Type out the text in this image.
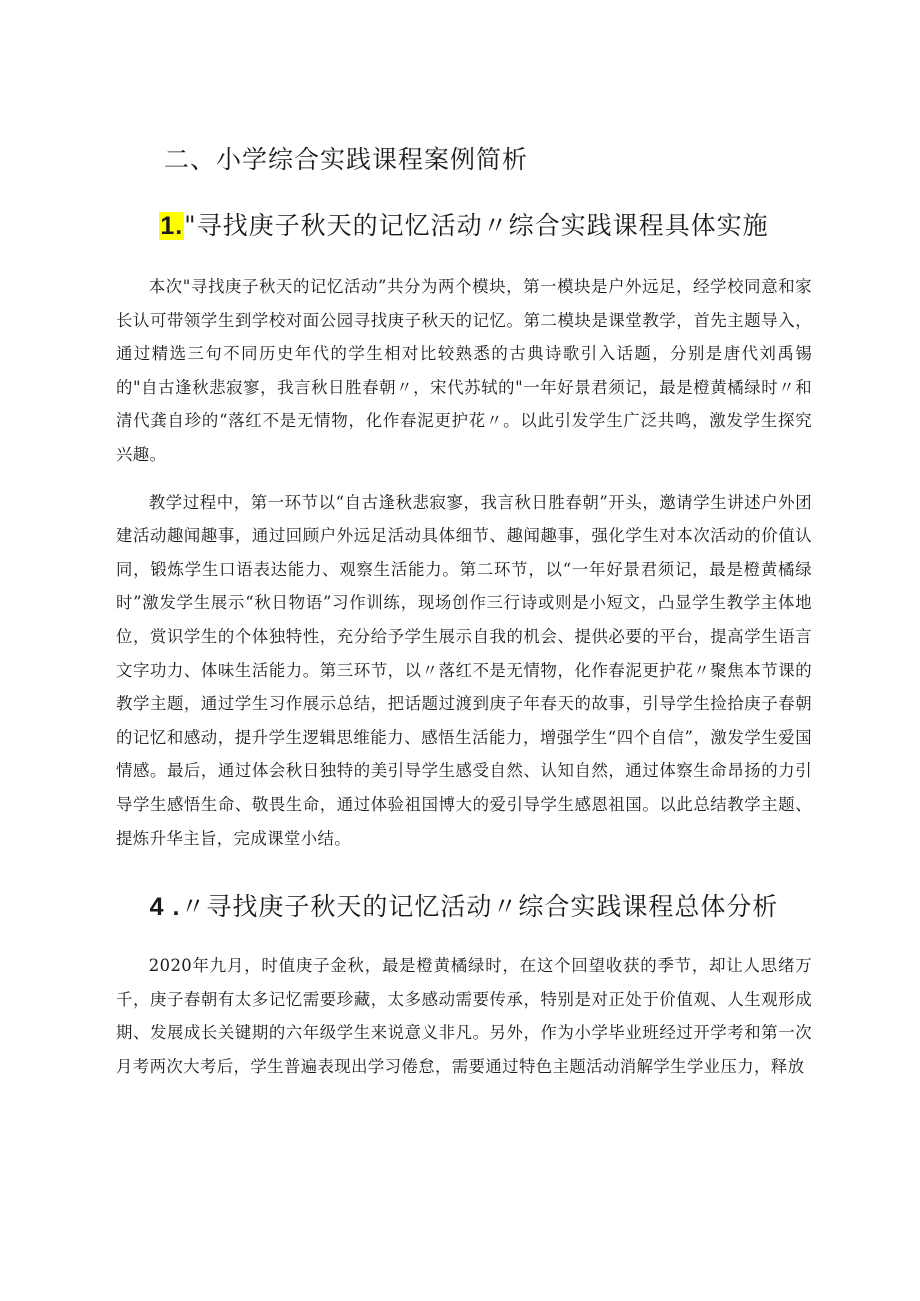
二、小学综合实践课程案例简析
1."寻找庚子秋天的记忆活动〃综合实践课程具体实施

本次"寻找庚子秋天的记忆活动”共分为两个模块，第一模块是户外远足，经学校同意和家长认可带领学生到学校对面公园寻找庚子秋天的记忆。第二模块是课堂教学，首先主题导入，通过精选三句不同历史年代的学生相对比较熟悉的古典诗歌引入话题，分别是唐代刘禹锡的"自古逢秋悲寂寥，我言秋日胜春朝〃，宋代苏轼的"一年好景君须记，最是橙黄橘绿时〃和清代龚自珍的“落红不是无情物，化作春泥更护花〃。以此引发学生广泛共鸣，激发学生探究兴趣。

教学过程中，第一环节以“自古逢秋悲寂寥，我言秋日胜春朝”开头，邀请学生讲述户外团建活动趣闻趣事，通过回顾户外远足活动具体细节、趣闻趣事，强化学生对本次活动的价值认同，锻炼学生口语表达能力、观察生活能力。第二环节，以“一年好景君须记，最是橙黄橘绿时”激发学生展示“秋日物语”习作训练，现场创作三行诗或则是小短文，凸显学生教学主体地位，赏识学生的个体独特性，充分给予学生展示自我的机会、提供必要的平台，提高学生语言文字功力、体味生活能力。第三环节，以〃落红不是无情物，化作春泥更护花〃聚焦本节课的教学主题，通过学生习作展示总结，把话题过渡到庚子年春天的故事，引导学生捡拾庚子春朝的记忆和感动，提升学生逻辑思维能力、感悟生活能力，增强学生“四个自信”，激发学生爱国情感。最后，通过体会秋日独特的美引导学生感受自然、认知自然，通过体察生命昂扬的力引导学生感悟生命、敬畏生命，通过体验祖国博大的爱引导学生感恩祖国。以此总结教学主题、提炼升华主旨，完成课堂小结。

4 .〃寻找庚子秋天的记忆活动〃综合实践课程总体分析

2020年九月，时值庚子金秋，最是橙黄橘绿时，在这个回望收获的季节，却让人思绪万千，庚子春朝有太多记忆需要珍藏，太多感动需要传承，特别是对正处于价值观、人生观形成期、发展成长关键期的六年级学生来说意义非凡。另外，作为小学毕业班经过开学考和第一次月考两次大考后，学生普遍表现出学习倦怠，需要通过特色主题活动消解学生学业压力，释放
